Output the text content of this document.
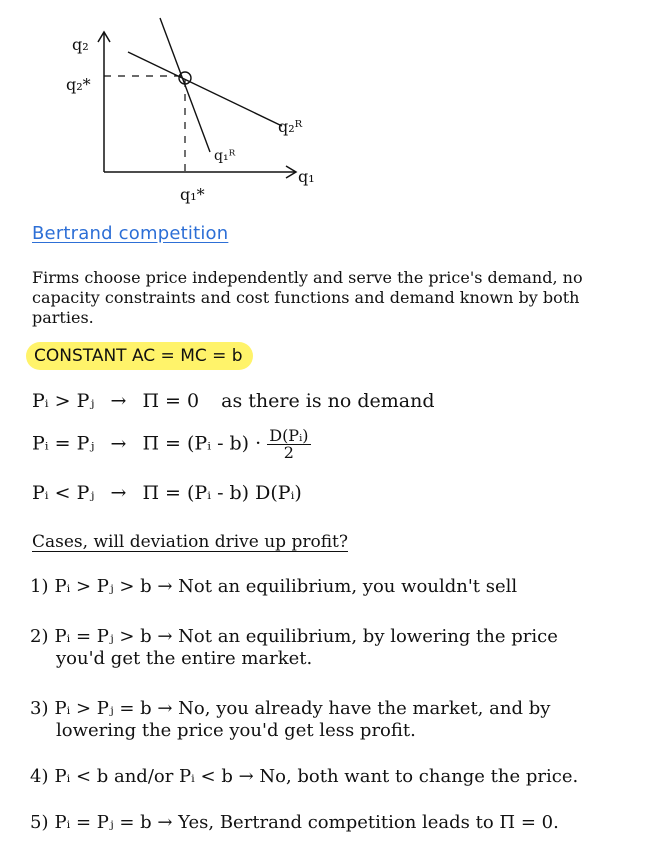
q₂
q₂*
q₁
q₁*
q₂ᴿ
q₁ᴿ
Bertrand competition
Firms choose price independently and serve the price's demand, no capacity constraints and cost functions and demand known by both parties.
CONSTANT AC = MC = b
Pᵢ > Pⱼ → Π = 0 as there is no demand
Pᵢ = Pⱼ → Π = (Pᵢ - $b) \cdot \frac{\text{D(Pᵢ)}}{2}$
Pᵢ < Pⱼ → Π = (Pᵢ - b) D(Pᵢ)
Cases, will deviation drive up profit?
1) Pᵢ > Pⱼ > b → Not an equilibrium, you wouldn't sell
2) Pᵢ = Pⱼ > b → Not an equilibrium, by lowering the price
you'd get the entire market.
3) Pᵢ > Pⱼ = b → No, you already have the market, and by
lowering the price you'd get less profit.
4) Pᵢ < b and/or Pᵢ < b → No, both want to change the price.
5) Pᵢ = Pⱼ = b → Yes, Bertrand competition leads to Π = 0.
